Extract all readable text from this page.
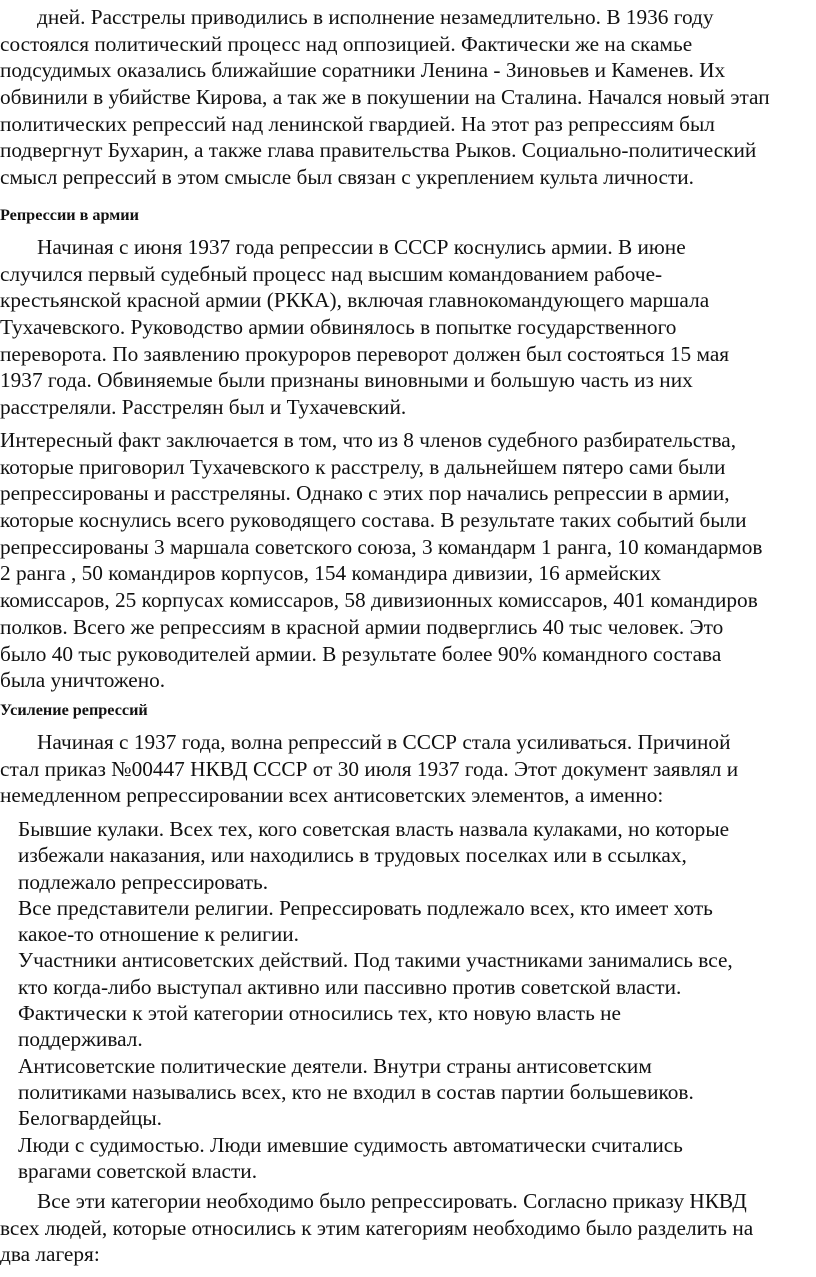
дней. Расстрелы приводились в исполнение незамедлительно. В 1936 году
состоялся политический процесс над оппозицией. Фактически же на скамье
подсудимых оказались ближайшие соратники Ленина - Зиновьев и Каменев. Их
обвинили в убийстве Кирова, а так же в покушении на Сталина. Начался новый этап
политических репрессий над ленинской гвардией. На этот раз репрессиям был
подвергнут Бухарин, а также глава правительства Рыков. Социально-политический
смысл репрессий в этом смысле был связан с укреплением культа личности.
Репрессии в армии
Начиная с июня 1937 года репрессии в СССР коснулись армии. В июне
случился первый судебный процесс над высшим командованием рабоче-
крестьянской красной армии (РККА), включая главнокомандующего маршала
Тухачевского. Руководство армии обвинялось в попытке государственного
переворота. По заявлению прокуроров переворот должен был состояться 15 мая
1937 года. Обвиняемые были признаны виновными и большую часть из них
расстреляли. Расстрелян был и Тухачевский.
Интересный факт заключается в том, что из 8 членов судебного разбирательства,
которые приговорил Тухачевского к расстрелу, в дальнейшем пятеро сами были
репрессированы и расстреляны. Однако с этих пор начались репрессии в армии,
которые коснулись всего руководящего состава. В результате таких событий были
репрессированы 3 маршала советского союза, 3 командарм 1 ранга, 10 командармов
2 ранга , 50 командиров корпусов, 154 командира дивизии, 16 армейских
комиссаров, 25 корпусах комиссаров, 58 дивизионных комиссаров, 401 командиров
полков. Всего же репрессиям в красной армии подверглись 40 тыс человек. Это
было 40 тыс руководителей армии. В результате более 90% командного состава
была уничтожено.
Усиление репрессий
Начиная с 1937 года, волна репрессий в СССР стала усиливаться. Причиной
стал приказ №00447 НКВД СССР от 30 июля 1937 года. Этот документ заявлял и
немедленном репрессировании всех антисоветских элементов, а именно:
Бывшие кулаки. Всех тех, кого советская власть назвала кулаками, но которые
избежали наказания, или находились в трудовых поселках или в ссылках,
подлежало репрессировать.
Все представители религии. Репрессировать подлежало всех, кто имеет хоть
какое-то отношение к религии.
Участники антисоветских действий. Под такими участниками занимались все,
кто когда-либо выступал активно или пассивно против советской власти.
Фактически к этой категории относились тех, кто новую власть не
поддерживал.
Антисоветские политические деятели. Внутри страны антисоветским
политиками назывались всех, кто не входил в состав партии большевиков.
Белогвардейцы.
Люди с судимостью. Люди имевшие судимость автоматически считались
врагами советской власти.
Все эти категории необходимо было репрессировать. Согласно приказу НКВД
всех людей, которые относились к этим категориям необходимо было разделить на
два лагеря:
